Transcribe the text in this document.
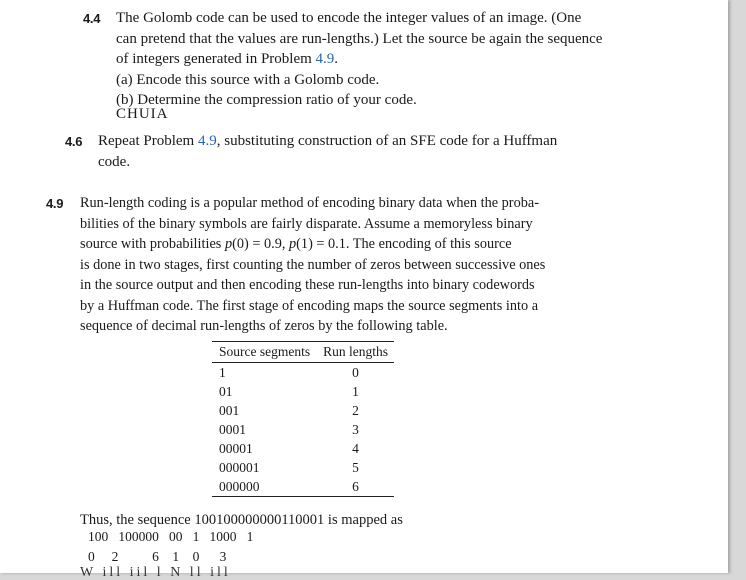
4.4 The Golomb code can be used to encode the integer values of an image. (One
can pretend that the values are run-lengths.) Let the source be again the sequence
of integers generated in Problem 4.9.
(a) Encode this source with a Golomb code.
(b) Determine the compression ratio of your code.
CHUIA
4.6 Repeat Problem 4.9, substituting construction of an SFE code for a Huffman
code.
4.9 Run-length coding is a popular method of encoding binary data when the proba-
bilities of the binary symbols are fairly disparate. Assume a memoryless binary
source with probabilities p(0) = 0.9, p(1) = 0.1. The encoding of this source
is done in two stages, first counting the number of zeros between successive ones
in the source output and then encoding these run-lengths into binary codewords
by a Huffman code. The first stage of encoding maps the source segments into a
sequence of decimal run-lengths of zeros by the following table.
Source segments	Run lengths
1	0
01	1
001	2
0001	3
00001	4
000001	5
000000	6
Thus, the sequence 100100000000110001 is mapped as
100   100000   00   1   1000   1
0     2          6    1    0      3
W ill iil l N ll ill
